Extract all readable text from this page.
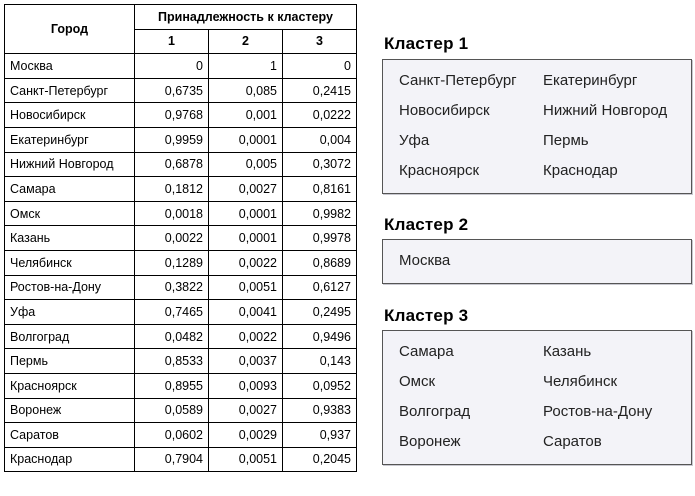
Город	Принадлежность к кластеру		
	1	2	3
Москва	0	1	0
Санкт-Петербург	0,6735	0,085	0,2415
Новосибирск	0,9768	0,001	0,0222
Екатеринбург	0,9959	0,0001	0,004
Нижний Новгород	0,6878	0,005	0,3072
Самара	0,1812	0,0027	0,8161
Омск	0,0018	0,0001	0,9982
Казань	0,0022	0,0001	0,9978
Челябинск	0,1289	0,0022	0,8689
Ростов-на-Дону	0,3822	0,0051	0,6127
Уфа	0,7465	0,0041	0,2495
Волгоград	0,0482	0,0022	0,9496
Пермь	0,8533	0,0037	0,143
Красноярск	0,8955	0,0093	0,0952
Воронеж	0,0589	0,0027	0,9383
Саратов	0,0602	0,0029	0,937
Краснодар	0,7904	0,0051	0,2045
Кластер 1
Санкт-Петербург	Екатеринбург
Новосибирск	Нижний Новгород
Уфа	Пермь
Красноярск	Краснодар
Кластер 2
Москва
Кластер 3
Самара	Казань
Омск	Челябинск
Волгоград	Ростов-на-Дону
Воронеж	Саратов
